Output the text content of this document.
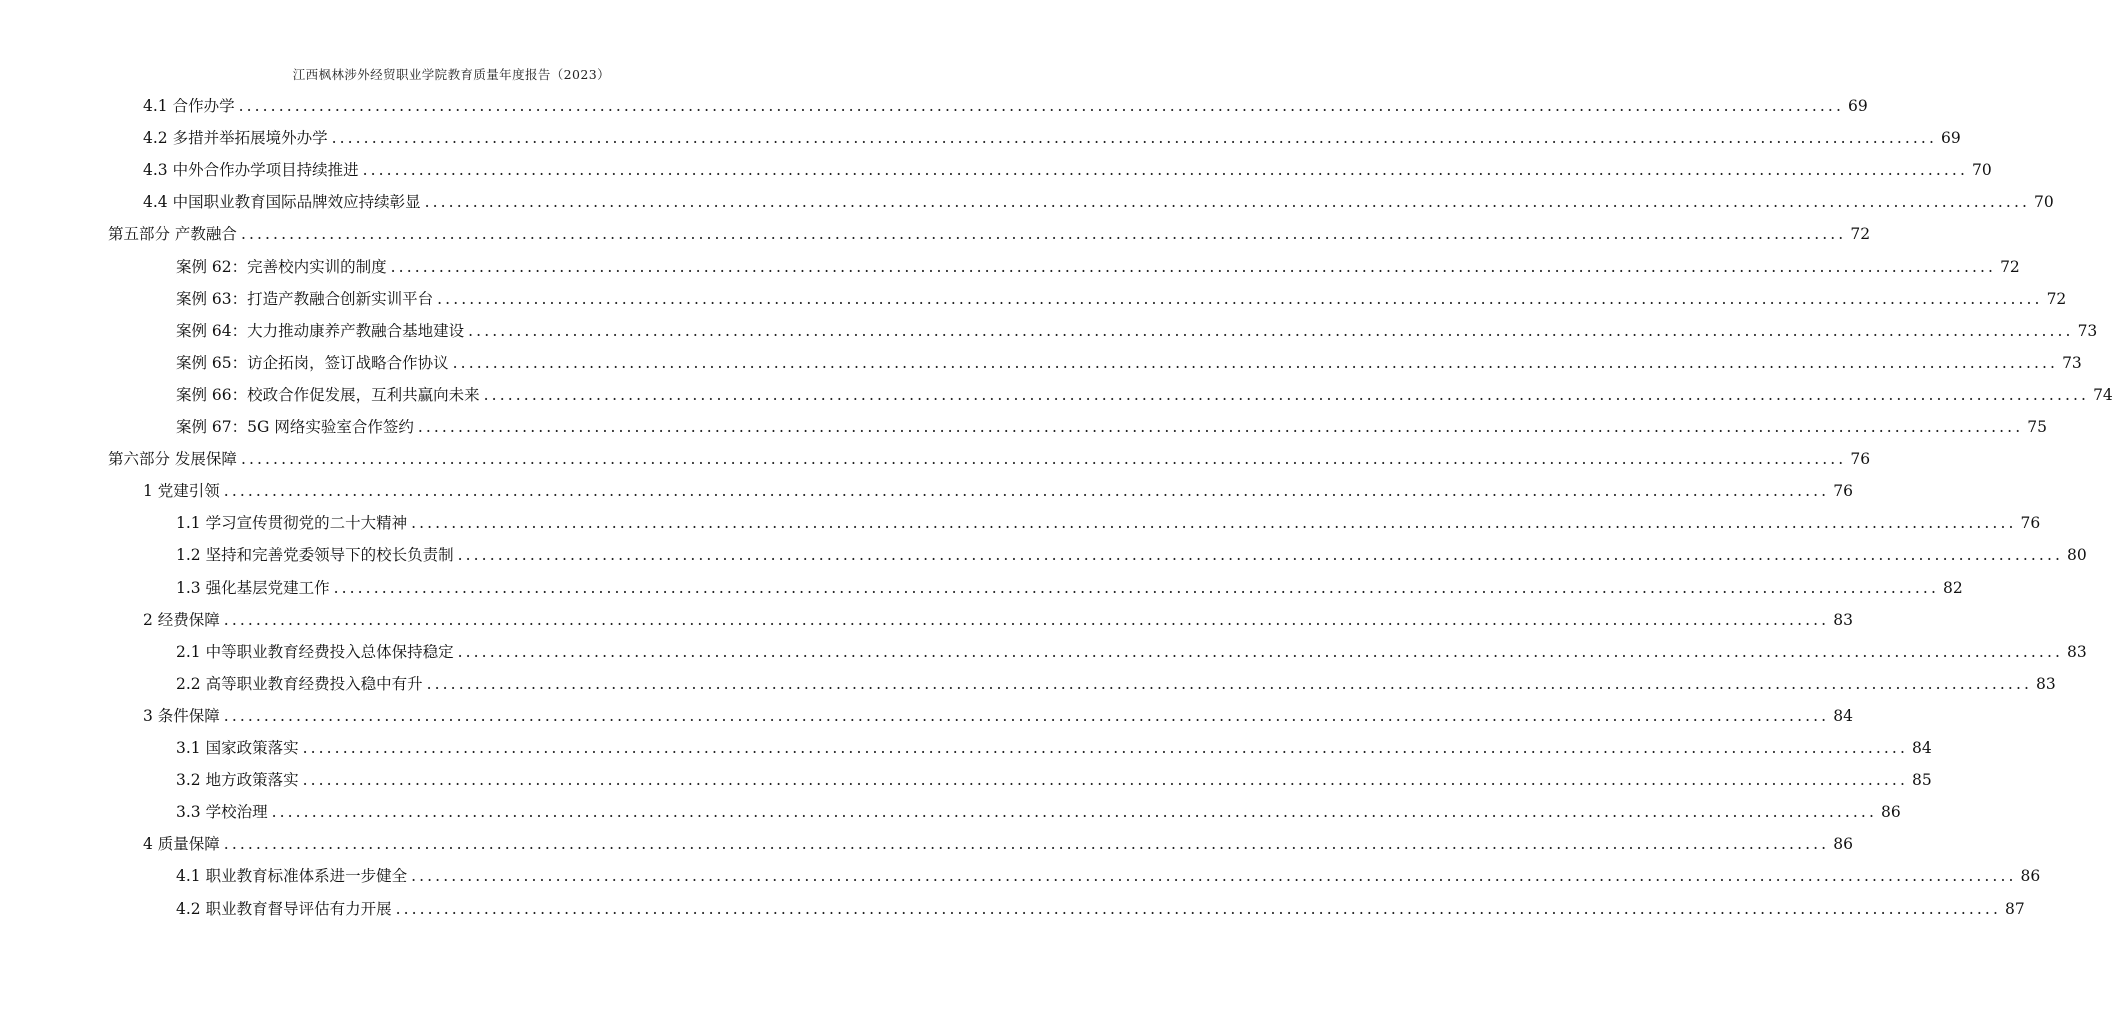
江西枫林涉外经贸职业学院教育质量年度报告（2023）
4.1 合作办学 ........................................................................................................................................................................................................ 69
4.2 多措并举拓展境外办学 ........................................................................................................................................................................................................ 69
4.3 中外合作办学项目持续推进 ........................................................................................................................................................................................................ 70
4.4 中国职业教育国际品牌效应持续彰显 ........................................................................................................................................................................................................ 70
第五部分 产教融合 ........................................................................................................................................................................................................ 72
案例 62：完善校内实训的制度 ........................................................................................................................................................................................................ 72
案例 63：打造产教融合创新实训平台 ........................................................................................................................................................................................................ 72
案例 64：大力推动康养产教融合基地建设 ........................................................................................................................................................................................................ 73
案例 65：访企拓岗，签订战略合作协议 ........................................................................................................................................................................................................ 73
案例 66：校政合作促发展，互利共赢向未来 ........................................................................................................................................................................................................ 74
案例 67：5G 网络实验室合作签约 ........................................................................................................................................................................................................ 75
第六部分 发展保障 ........................................................................................................................................................................................................ 76
1 党建引领 ........................................................................................................................................................................................................ 76
1.1 学习宣传贯彻党的二十大精神 ........................................................................................................................................................................................................ 76
1.2 坚持和完善党委领导下的校长负责制 ........................................................................................................................................................................................................ 80
1.3 强化基层党建工作 ........................................................................................................................................................................................................ 82
2 经费保障 ........................................................................................................................................................................................................ 83
2.1 中等职业教育经费投入总体保持稳定 ........................................................................................................................................................................................................ 83
2.2 高等职业教育经费投入稳中有升 ........................................................................................................................................................................................................ 83
3 条件保障 ........................................................................................................................................................................................................ 84
3.1 国家政策落实 ........................................................................................................................................................................................................ 84
3.2 地方政策落实 ........................................................................................................................................................................................................ 85
3.3 学校治理 ........................................................................................................................................................................................................ 86
4 质量保障 ........................................................................................................................................................................................................ 86
4.1 职业教育标准体系进一步健全 ........................................................................................................................................................................................................ 86
4.2 职业教育督导评估有力开展 ........................................................................................................................................................................................................ 87
